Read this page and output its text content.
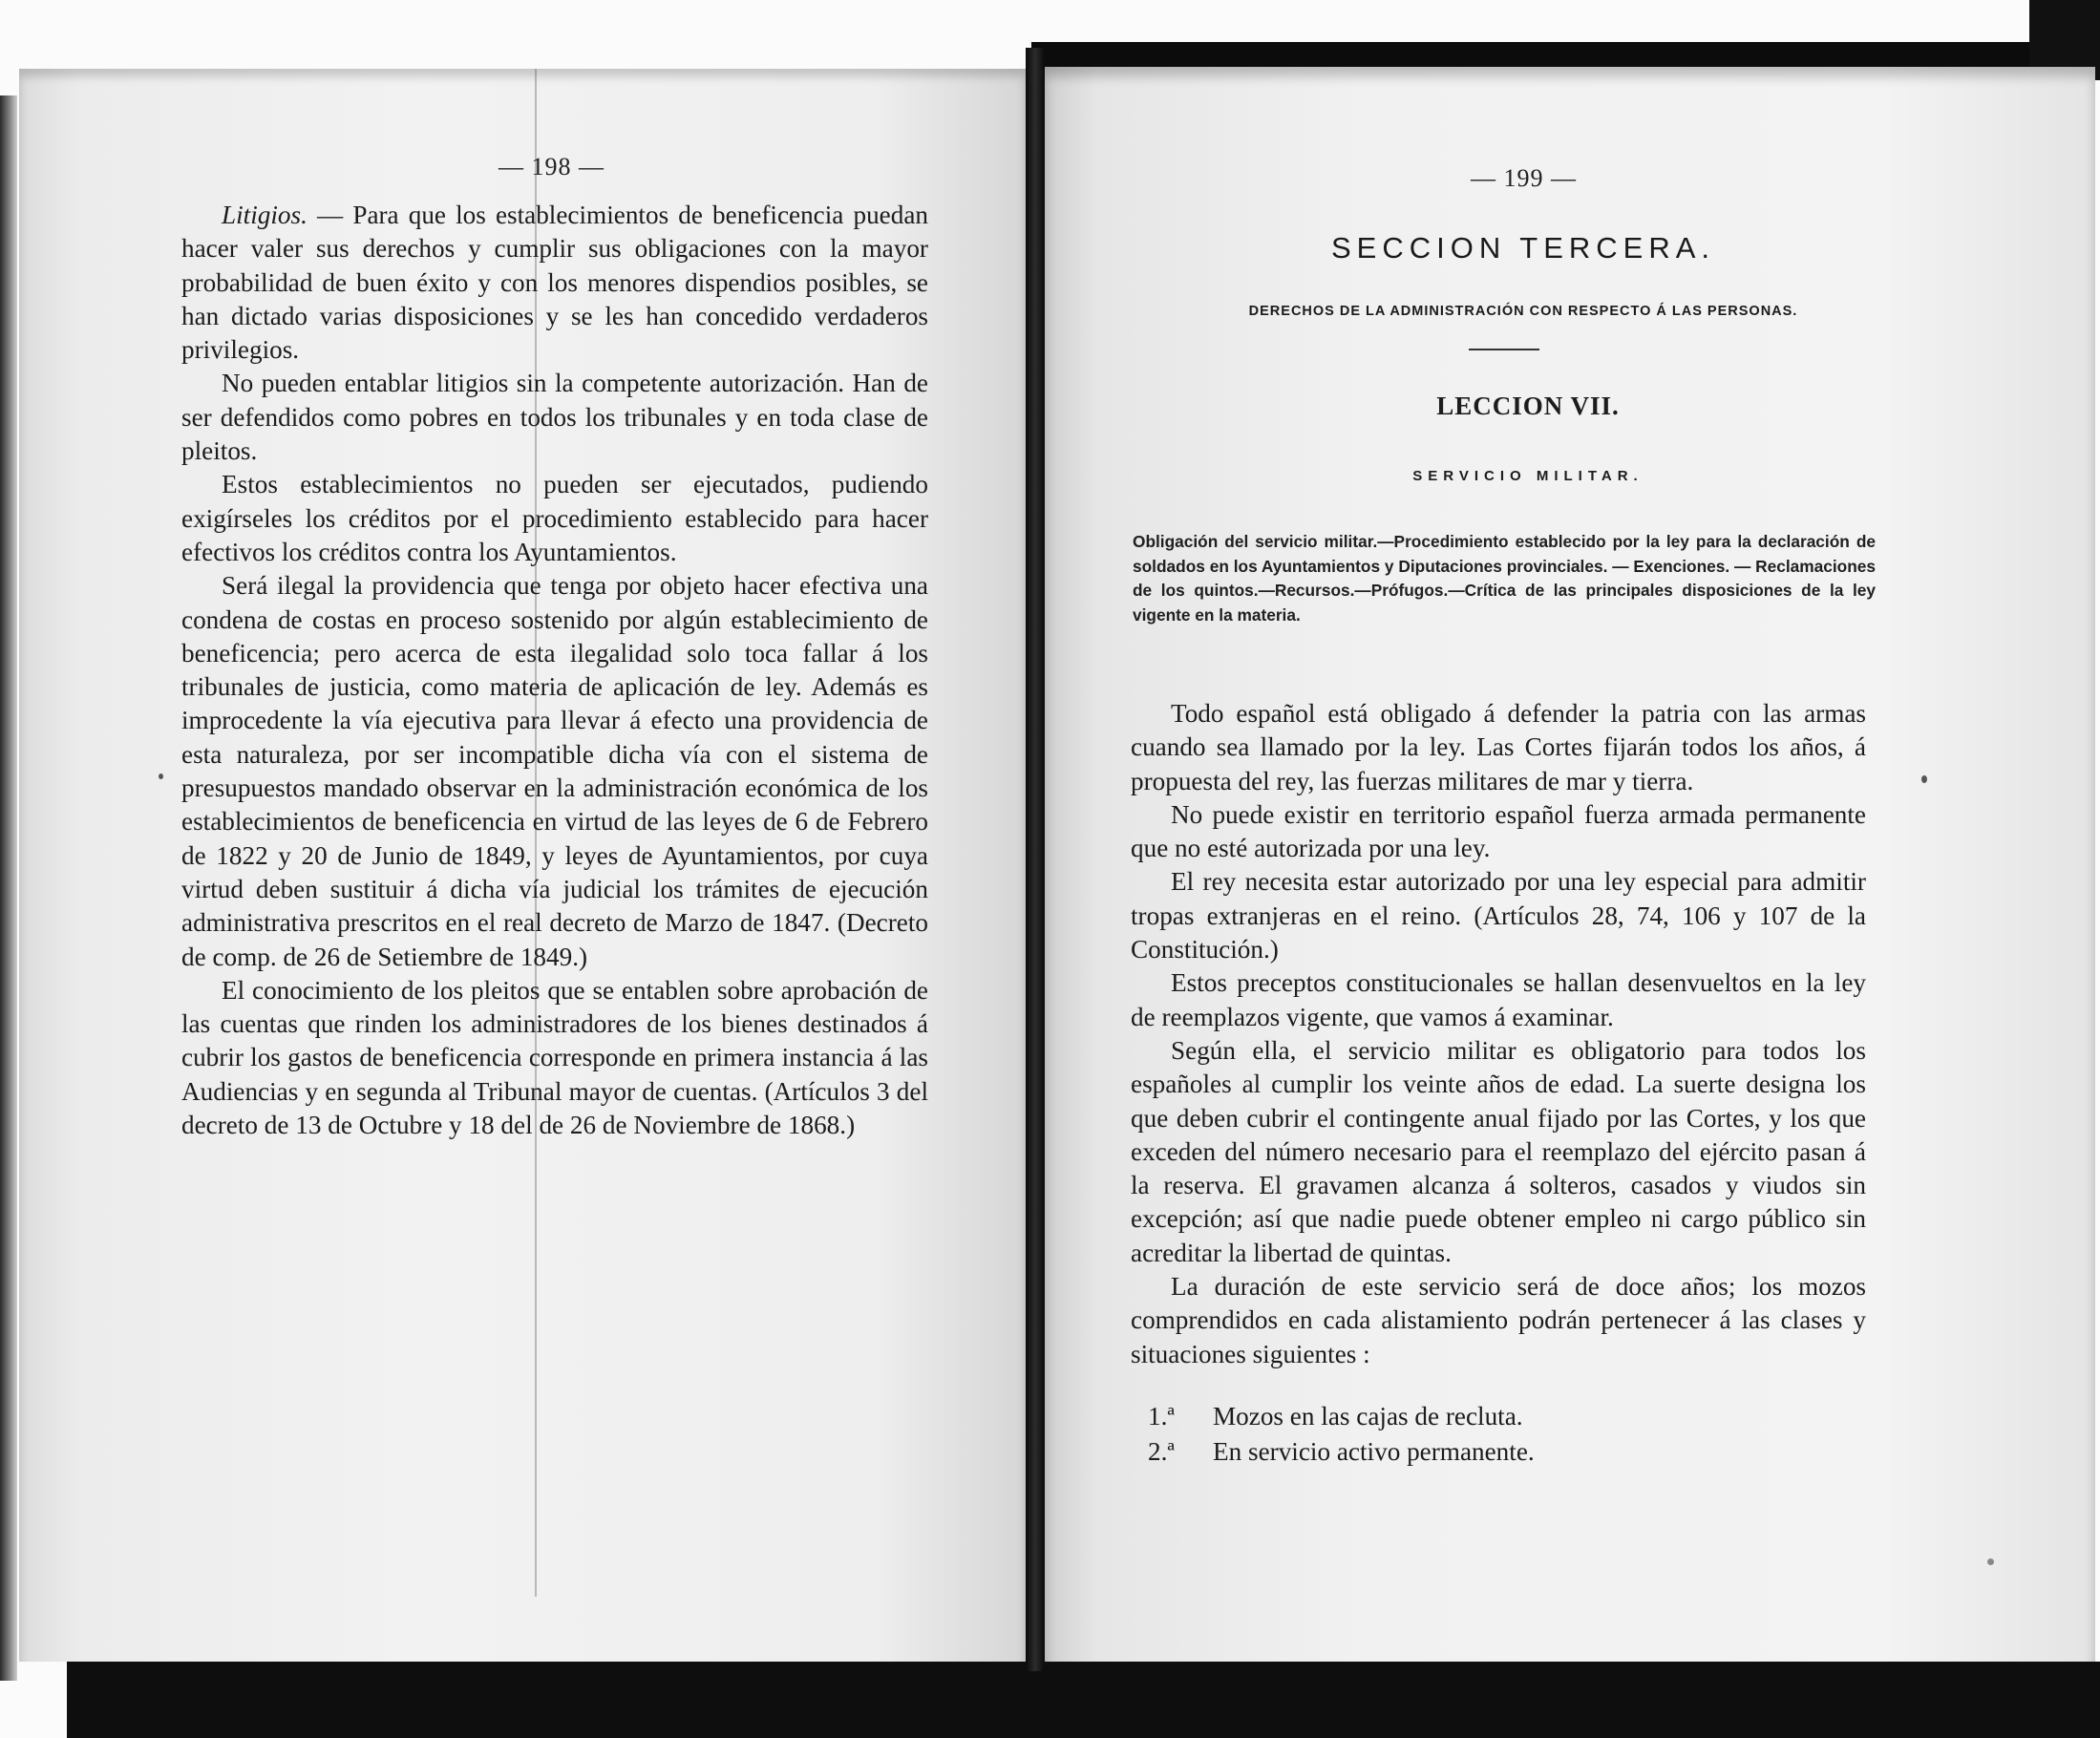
— 198 —

Litigios. — Para que los establecimientos de beneficencia puedan hacer valer sus derechos y cumplir sus obligaciones con la mayor probabilidad de buen éxito y con los menores dispendios posibles, se han dictado varias disposiciones y se les han concedido verdaderos privilegios.

No pueden entablar litigios sin la competente autorización. Han de ser defendidos como pobres en todos los tribunales y en toda clase de pleitos.

Estos establecimientos no pueden ser ejecutados, pudiendo exigírseles los créditos por el procedimiento establecido para hacer efectivos los créditos contra los Ayuntamientos.

Será ilegal la providencia que tenga por objeto hacer efectiva una condena de costas en proceso sostenido por algún establecimiento de beneficencia; pero acerca de esta ilegalidad solo toca fallar á los tribunales de justicia, como materia de aplicación de ley. Además es improcedente la vía ejecutiva para llevar á efecto una providencia de esta naturaleza, por ser incompatible dicha vía con el sistema de presupuestos mandado observar en la administración económica de los establecimientos de beneficencia en virtud de las leyes de 6 de Febrero de 1822 y 20 de Junio de 1849, y leyes de Ayuntamientos, por cuya virtud deben sustituir á dicha vía judicial los trámites de ejecución administrativa prescritos en el real decreto de Marzo de 1847. (Decreto de comp. de 26 de Setiembre de 1849.)

El conocimiento de los pleitos que se entablen sobre aprobación de las cuentas que rinden los administradores de los bienes destinados á cubrir los gastos de beneficencia corresponde en primera instancia á las Audiencias y en segunda al Tribunal mayor de cuentas. (Artículos 3 del decreto de 13 de Octubre y 18 del de 26 de Noviembre de 1868.)

— 199 —
SECCION TERCERA.
DERECHOS DE LA ADMINISTRACIÓN CON RESPECTO Á LAS PERSONAS.
LECCION VII.
SERVICIO MILITAR.
Obligación del servicio militar.—Procedimiento establecido por la ley para la declaración de soldados en los Ayuntamientos y Diputaciones provinciales. — Exenciones. — Reclamaciones de los quintos.—Recursos.—Prófugos.—Crítica de las principales disposiciones de la ley vigente en la materia.

Todo español está obligado á defender la patria con las armas cuando sea llamado por la ley. Las Cortes fijarán todos los años, á propuesta del rey, las fuerzas militares de mar y tierra.

No puede existir en territorio español fuerza armada permanente que no esté autorizada por una ley.

El rey necesita estar autorizado por una ley especial para admitir tropas extranjeras en el reino. (Artículos 28, 74, 106 y 107 de la Constitución.)

Estos preceptos constitucionales se hallan desenvueltos en la ley de reemplazos vigente, que vamos á examinar.

Según ella, el servicio militar es obligatorio para todos los españoles al cumplir los veinte años de edad. La suerte designa los que deben cubrir el contingente anual fijado por las Cortes, y los que exceden del número necesario para el reemplazo del ejército pasan á la reserva. El gravamen alcanza á solteros, casados y viudos sin excepción; así que nadie puede obtener empleo ni cargo público sin acreditar la libertad de quintas.

La duración de este servicio será de doce años; los mozos comprendidos en cada alistamiento podrán pertenecer á las clases y situaciones siguientes :

1.ª Mozos en las cajas de recluta.
2.ª En servicio activo permanente.
